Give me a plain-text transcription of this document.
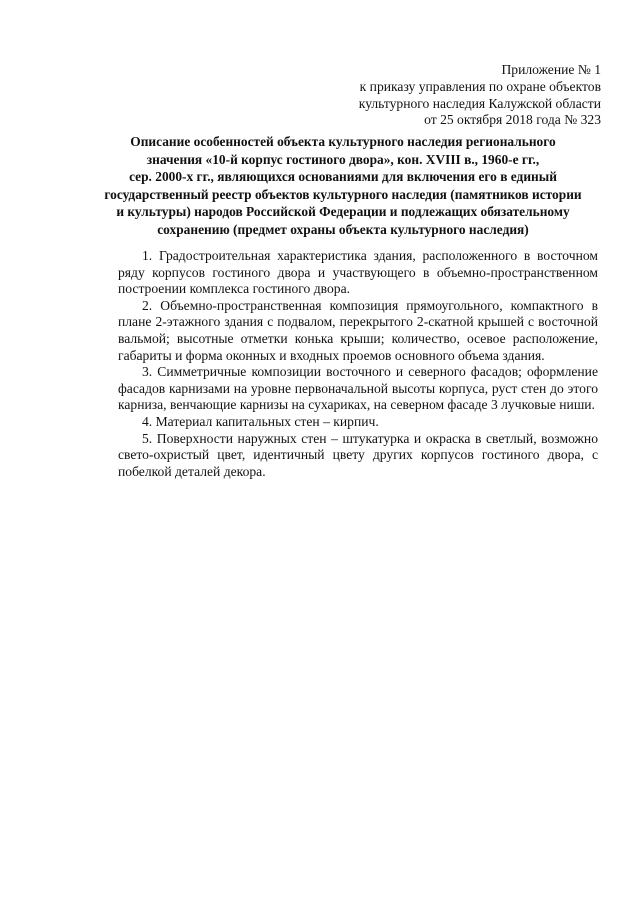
Приложение № 1
к приказу управления по охране объектов
культурного наследия Калужской области
от 25 октября 2018 года № 323
Описание особенностей объекта культурного наследия регионального
значения «10-й корпус гостиного двора», кон. XVIII в., 1960-е гг.,
сер. 2000-х гг., являющихся основаниями для включения его в единый
государственный реестр объектов культурного наследия (памятников истории
и культуры) народов Российской Федерации и подлежащих обязательному
сохранению (предмет охраны объекта культурного наследия)

1. Градостроительная характеристика здания, расположенного в восточном ряду корпусов гостиного двора и участвующего в объемно-пространственном построении комплекса гостиного двора.

2. Объемно-пространственная композиция прямоугольного, компактного в плане 2-этажного здания с подвалом, перекрытого 2-скатной крышей с восточной вальмой; высотные отметки конька крыши; количество, осевое расположение, габариты и форма оконных и входных проемов основного объема здания.

3. Симметричные композиции восточного и северного фасадов; оформление фасадов карнизами на уровне первоначальной высоты корпуса, руст стен до этого карниза, венчающие карнизы на сухариках, на северном фасаде 3 лучковые ниши.

4. Материал капитальных стен – кирпич.

5. Поверхности наружных стен – штукатурка и окраска в светлый, возможно свето-охристый цвет, идентичный цвету других корпусов гостиного двора, с побелкой деталей декора.
